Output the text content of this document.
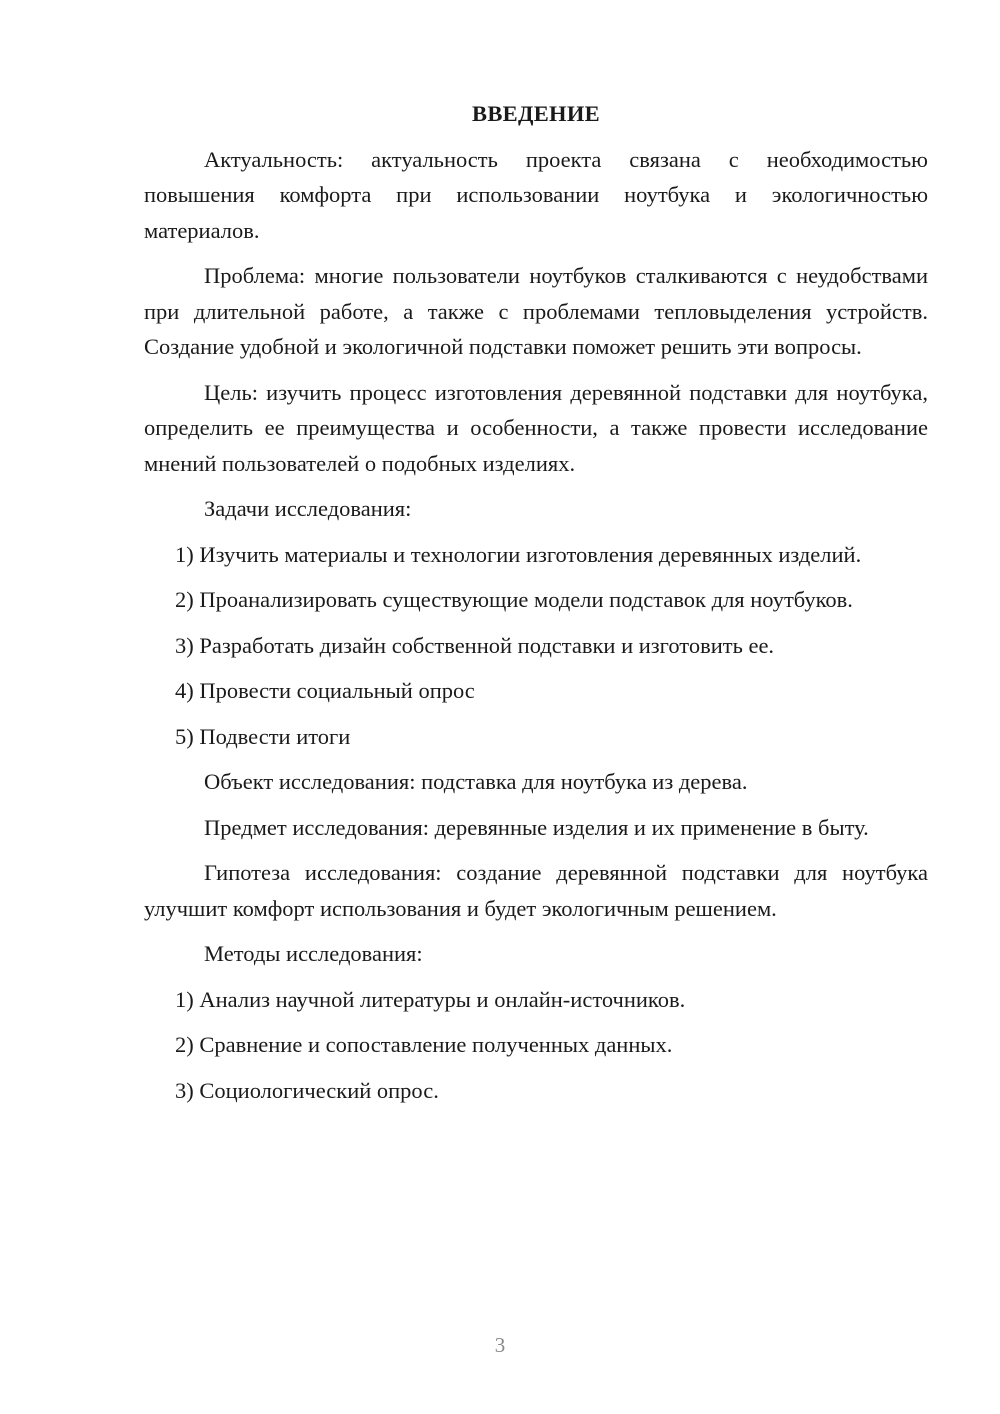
ВВЕДЕНИЕ

Актуальность: актуальность проекта связана с необходимостью повышения комфорта при использовании ноутбука и экологичностью материалов.

Проблема: многие пользователи ноутбуков сталкиваются с неудобствами при длительной работе, а также с проблемами тепловыделения устройств. Создание удобной и экологичной подставки поможет решить эти вопросы.

Цель: изучить процесс изготовления деревянной подставки для ноутбука, определить ее преимущества и особенности, а также провести исследование мнений пользователей о подобных изделиях.

Задачи исследования:

1) Изучить материалы и технологии изготовления деревянных изделий.

2) Проанализировать существующие модели подставок для ноутбуков.

3) Разработать дизайн собственной подставки и изготовить ее.

4) Провести социальный опрос

5) Подвести итоги

Объект исследования: подставка для ноутбука из дерева.

Предмет исследования: деревянные изделия и их применение в быту.

Гипотеза исследования: создание деревянной подставки для ноутбука улучшит комфорт использования и будет экологичным решением.

Методы исследования:

1) Анализ научной литературы и онлайн-источников.

2) Сравнение и сопоставление полученных данных.

3) Социологический опрос.

3
